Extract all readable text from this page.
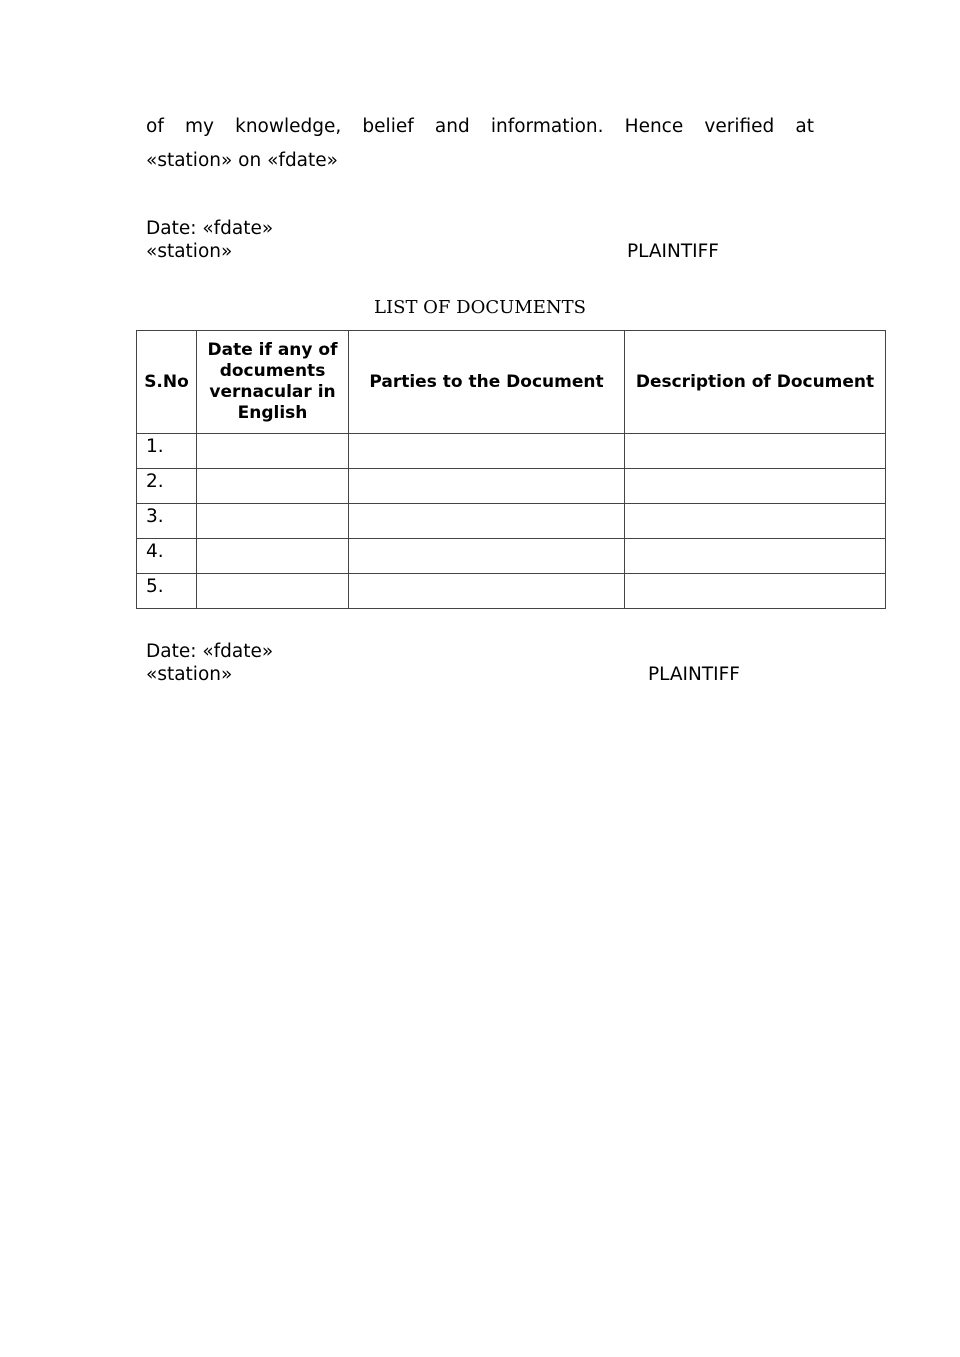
of my knowledge, belief and information. Hence verified at
«station» on «fdate»

Date: «fdate»
«station»	PLAINTIFF
LIST OF DOCUMENTS
S.No	Date if any of documents vernacular in English	Parties to the Document	Description of Document
1.			
2.			
3.			
4.			
5.			
Date: «fdate»
«station»	PLAINTIFF
